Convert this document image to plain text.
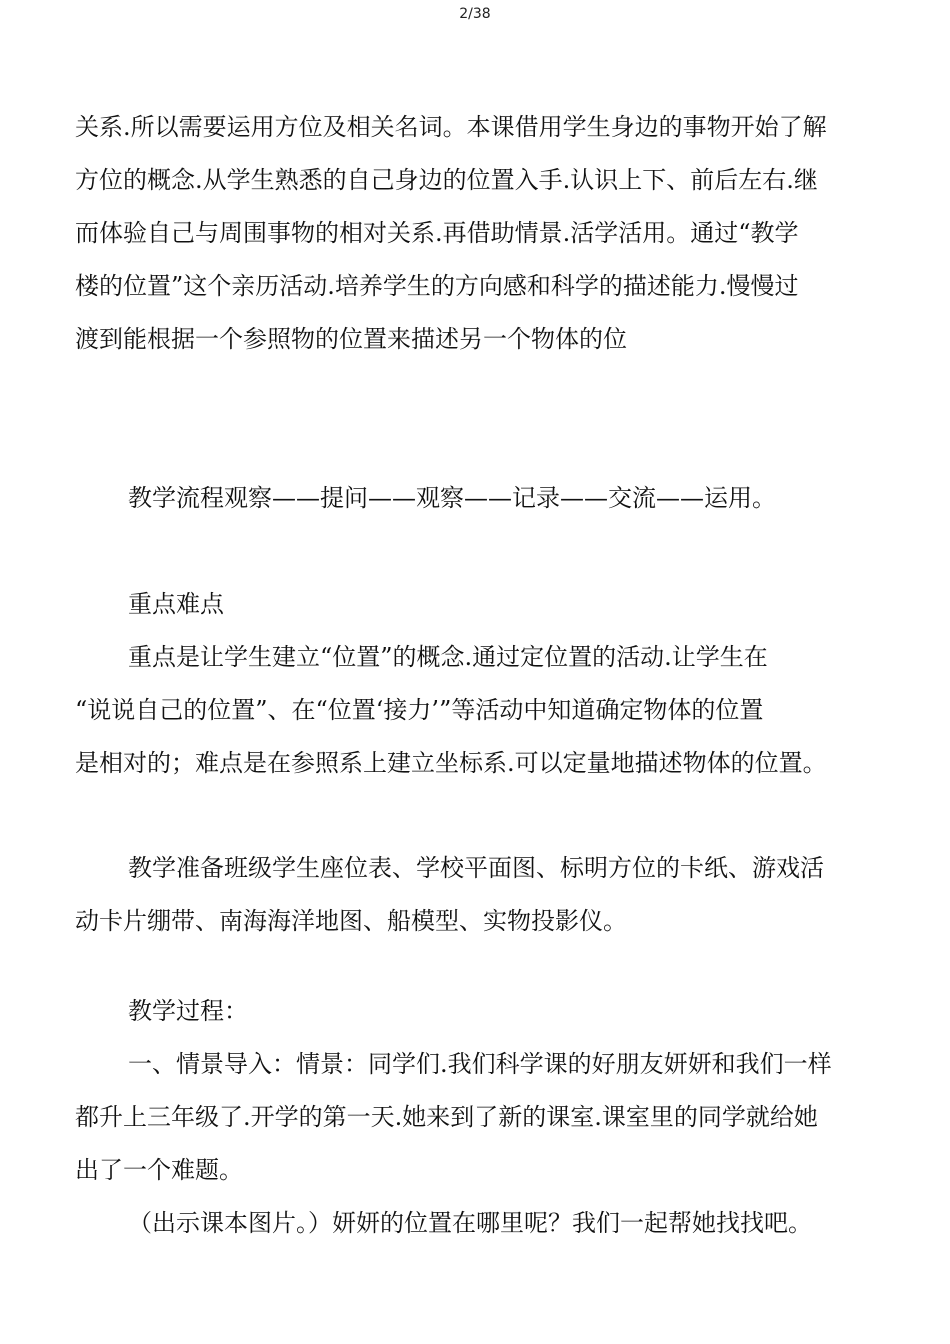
2/38
关系.所以需要运用方位及相关名词。本课借用学生身边的事物开始了解
方位的概念.从学生熟悉的自己身边的位置入手.认识上下、前后左右.继
而体验自己与周围事物的相对关系.再借助情景.活学活用。通过“教学
楼的位置”这个亲历活动.培养学生的方向感和科学的描述能力.慢慢过
渡到能根据一个参照物的位置来描述另一个物体的位
教学流程观察——提问——观察——记录——交流——运用。
重点难点
重点是让学生建立“位置”的概念.通过定位置的活动.让学生在
“说说自己的位置”、在“位置‘接力’”等活动中知道确定物体的位置
是相对的；难点是在参照系上建立坐标系.可以定量地描述物体的位置。
教学准备班级学生座位表、学校平面图、标明方位的卡纸、游戏活
动卡片绷带、南海海洋地图、船模型、实物投影仪。
教学过程：
一、情景导入：情景：同学们.我们科学课的好朋友妍妍和我们一样
都升上三年级了.开学的第一天.她来到了新的课室.课室里的同学就给她
出了一个难题。
（出示课本图片。）妍妍的位置在哪里呢？我们一起帮她找找吧。
